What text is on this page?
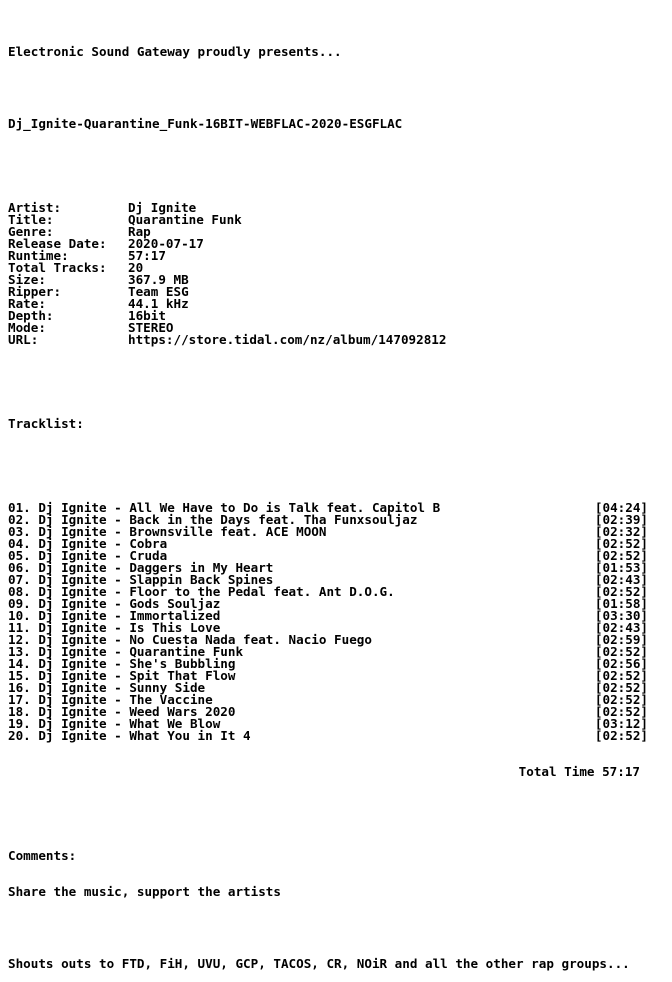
Electronic Sound Gateway proudly presents...

Dj_Ignite-Quarantine_Funk-16BIT-WEBFLAC-2020-ESGFLAC

Artist:	Dj Ignite
Title:	Quarantine Funk
Genre:	Rap
Release Date:	2020-07-17
Runtime:	57:17
Total Tracks:	20
Size:	367.9 MB
Ripper:	Team ESG
Rate:	44.1 kHz
Depth:	16bit
Mode:	STEREO
URL:	https://store.tidal.com/nz/album/147092812

Tracklist:

01. Dj Ignite - All We Have to Do is Talk feat. Capitol B	[04:24]
02. Dj Ignite - Back in the Days feat. Tha Funxsouljaz	[02:39]
03. Dj Ignite - Brownsville feat. ACE MOON	[02:32]
04. Dj Ignite - Cobra	[02:52]
05. Dj Ignite - Cruda	[02:52]
06. Dj Ignite - Daggers in My Heart	[01:53]
07. Dj Ignite - Slappin Back Spines	[02:43]
08. Dj Ignite - Floor to the Pedal feat. Ant D.O.G.	[02:52]
09. Dj Ignite - Gods Souljaz	[01:58]
10. Dj Ignite - Immortalized	[03:30]
11. Dj Ignite - Is This Love	[02:43]
12. Dj Ignite - No Cuesta Nada feat. Nacio Fuego	[02:59]
13. Dj Ignite - Quarantine Funk	[02:52]
14. Dj Ignite - She's Bubbling	[02:56]
15. Dj Ignite - Spit That Flow	[02:52]
16. Dj Ignite - Sunny Side	[02:52]
17. Dj Ignite - The Vaccine	[02:52]
18. Dj Ignite - Weed Wars 2020	[02:52]
19. Dj Ignite - What We Blow	[03:12]
20. Dj Ignite - What You in It 4	[02:52]

Total Time 57:17

Comments:

Share the music, support the artists

Shouts outs to FTD, FiH, UVU, GCP, TACOS, CR, NOiR and all the other rap groups...
